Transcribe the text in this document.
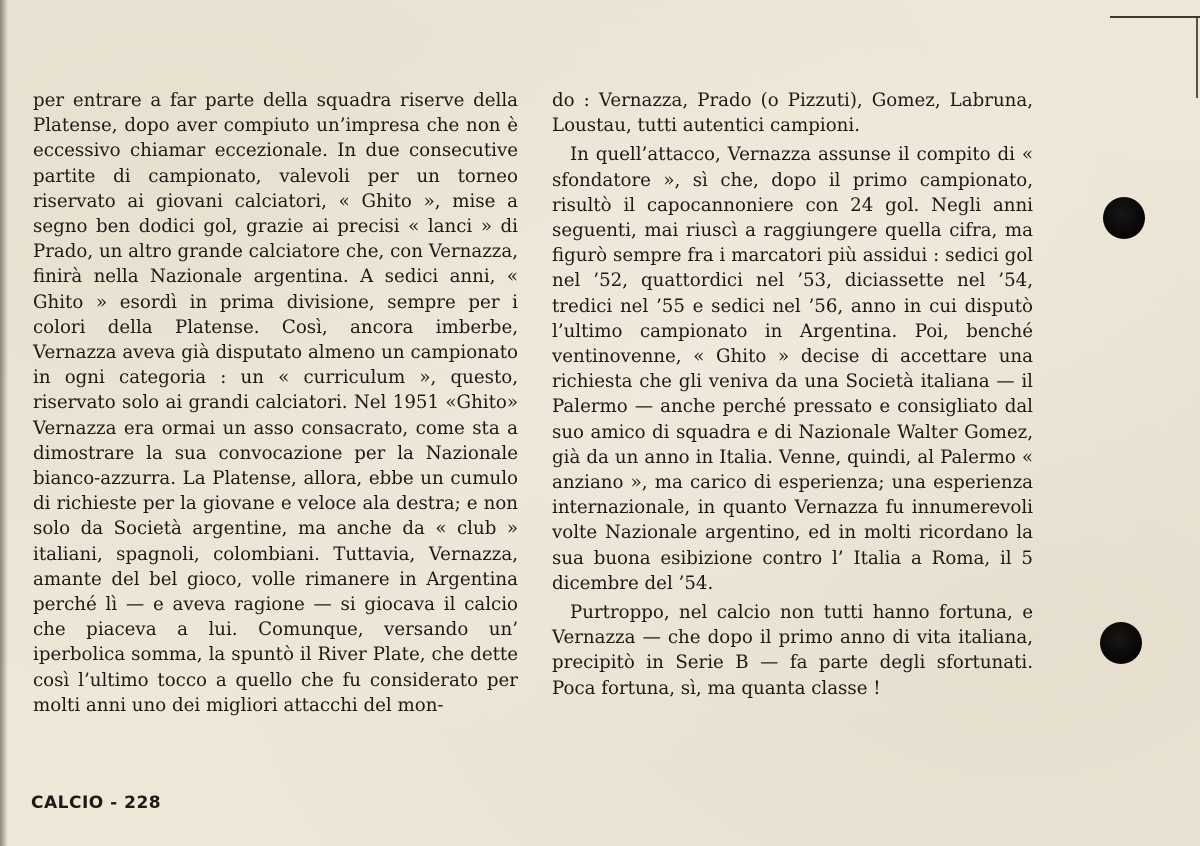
per entrare a far parte della squadra riserve della Platense, dopo aver compiuto un’impresa che non è eccessivo chiamar eccezionale. In due consecutive partite di campionato, valevoli per un torneo riservato ai giovani calciatori, « Ghito », mise a segno ben dodici gol, grazie ai precisi « lanci » di Prado, un altro grande calciatore che, con Vernazza, finirà nella Nazionale argentina. A sedici anni, « Ghito » esordì in prima divisione, sempre per i colori della Platense. Così, ancora imberbe, Vernazza aveva già disputato almeno un campionato in ogni categoria : un « curriculum », questo, riservato solo ai grandi calciatori. Nel 1951 «Ghito» Vernazza era ormai un asso consacrato, come sta a dimostrare la sua convocazione per la Nazionale bianco-azzurra. La Platense, allora, ebbe un cumulo di richieste per la giovane e veloce ala destra; e non solo da Società argentine, ma anche da « club » italiani, spagnoli, colombiani. Tuttavia, Vernazza, amante del bel gioco, volle rimanere in Argentina perché lì — e aveva ragione — si giocava il calcio che piaceva a lui. Comunque, versando un’ iperbolica somma, la spuntò il River Plate, che dette così l’ultimo tocco a quello che fu considerato per molti anni uno dei migliori attacchi del mon-

do : Vernazza, Prado (o Pizzuti), Gomez, Labruna, Loustau, tutti autentici campioni.

In quell’attacco, Vernazza assunse il compito di « sfondatore », sì che, dopo il primo campionato, risultò il capocannoniere con 24 gol. Negli anni seguenti, mai riuscì a raggiungere quella cifra, ma figurò sempre fra i marcatori più assidui : sedici gol nel ’52, quattordici nel ’53, diciassette nel ’54, tredici nel ’55 e sedici nel ’56, anno in cui disputò l’ultimo campionato in Argentina. Poi, benché ventinovenne, « Ghito » decise di accettare una richiesta che gli veniva da una Società italiana — il Palermo — anche perché pressato e consigliato dal suo amico di squadra e di Nazionale Walter Gomez, già da un anno in Italia. Venne, quindi, al Palermo « anziano », ma carico di esperienza; una esperienza internazionale, in quanto Vernazza fu innumerevoli volte Nazionale argentino, ed in molti ricordano la sua buona esibizione contro l’ Italia a Roma, il 5 dicembre del ’54.

Purtroppo, nel calcio non tutti hanno fortuna, e Vernazza — che dopo il primo anno di vita italiana, precipitò in Serie B — fa parte degli sfortunati. Poca fortuna, sì, ma quanta classe !

CALCIO - 228
